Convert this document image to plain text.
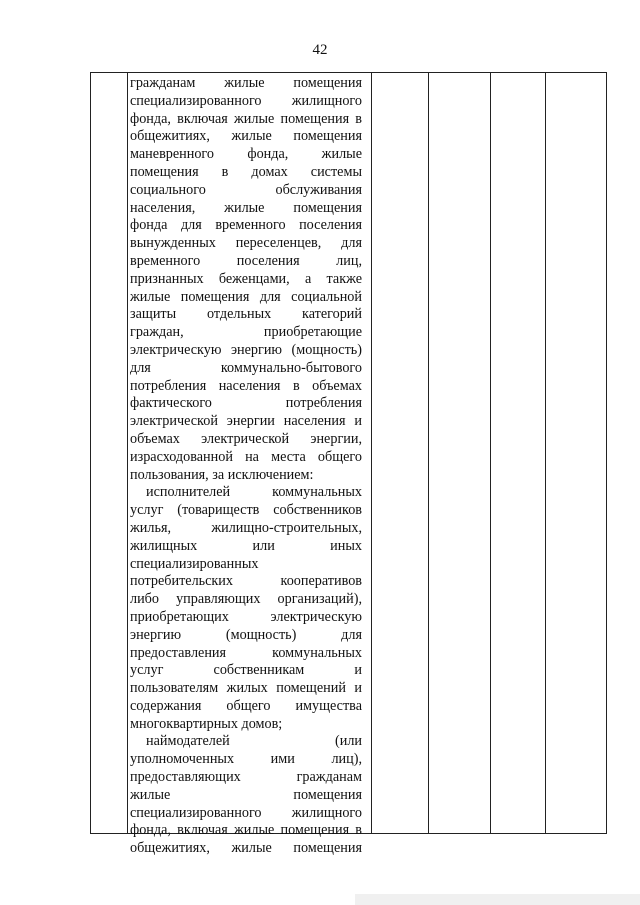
42
гражданам жилые помещения
специализированного жилищного
фонда, включая жилые помещения в
общежитиях, жилые помещения
маневренного фонда, жилые
помещения в домах системы
социального обслуживания
населения, жилые помещения
фонда для временного поселения
вынужденных переселенцев, для
временного поселения лиц,
признанных беженцами, а также
жилые помещения для социальной
защиты отдельных категорий
граждан, приобретающие
электрическую энергию (мощность)
для коммунально-бытового
потребления населения в объемах
фактического потребления
электрической энергии населения и
объемах электрической энергии,
израсходованной на места общего
пользования, за исключением:
исполнителей коммунальных
услуг (товариществ собственников
жилья, жилищно-строительных,
жилищных или иных
специализированных
потребительских кооперативов
либо управляющих организаций),
приобретающих электрическую
энергию (мощность) для
предоставления коммунальных
услуг собственникам и
пользователям жилых помещений и
содержания общего имущества
многоквартирных домов;
наймодателей (или
уполномоченных ими лиц),
предоставляющих гражданам
жилые помещения
специализированного жилищного
фонда, включая жилые помещения в
общежитиях, жилые помещения
